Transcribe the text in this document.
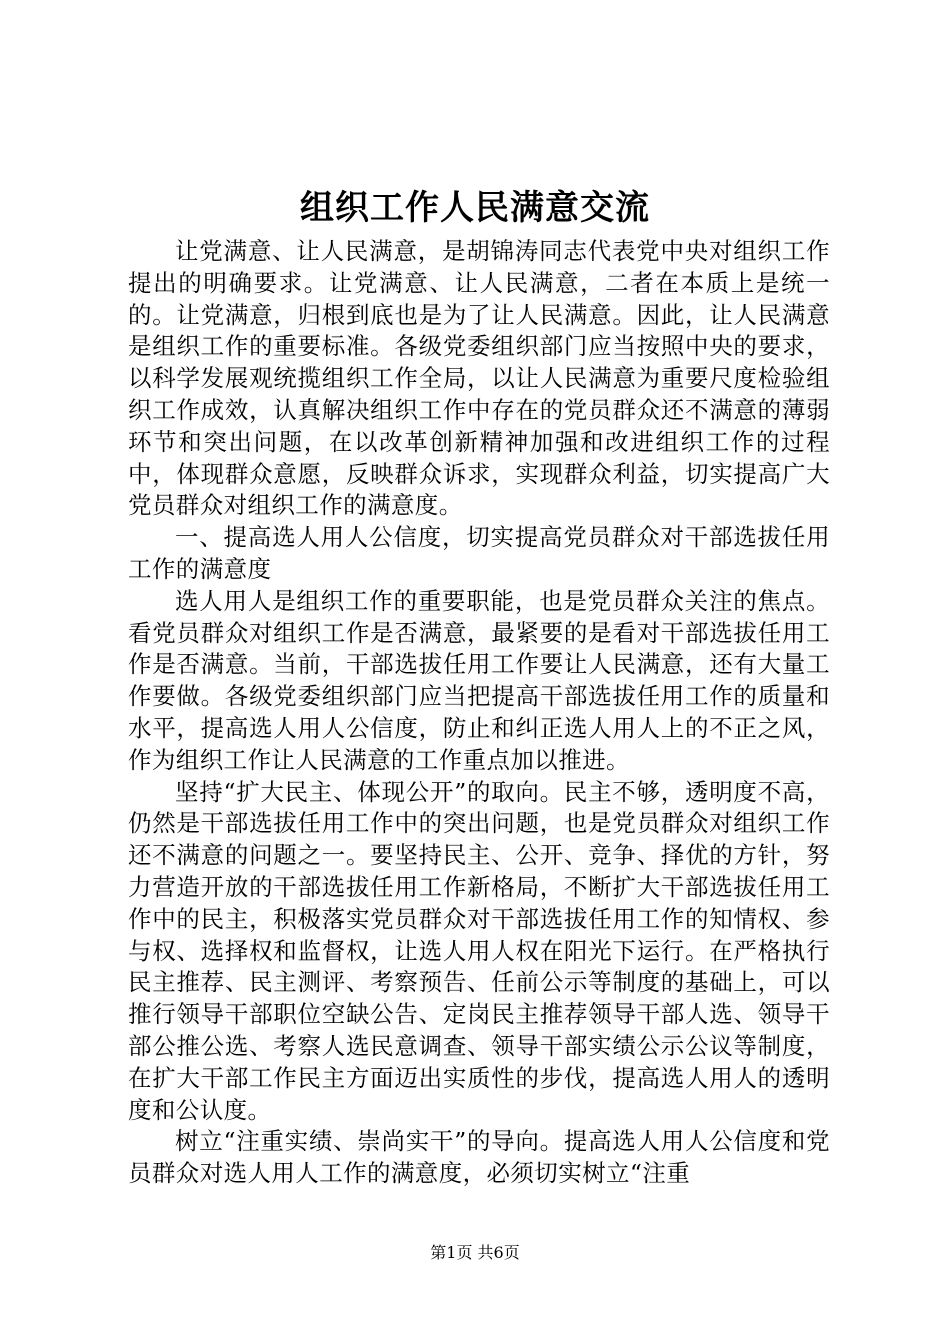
组织工作人民满意交流

让党满意、让人民满意，是胡锦涛同志代表党中央对组织工作提出的明确要求。让党满意、让人民满意，二者在本质上是统一的。让党满意，归根到底也是为了让人民满意。因此，让人民满意是组织工作的重要标准。各级党委组织部门应当按照中央的要求，以科学发展观统揽组织工作全局，以让人民满意为重要尺度检验组织工作成效，认真解决组织工作中存在的党员群众还不满意的薄弱环节和突出问题，在以改革创新精神加强和改进组织工作的过程中，体现群众意愿，反映群众诉求，实现群众利益，切实提高广大党员群众对组织工作的满意度。

一、提高选人用人公信度，切实提高党员群众对干部选拔任用工作的满意度

选人用人是组织工作的重要职能，也是党员群众关注的焦点。看党员群众对组织工作是否满意，最紧要的是看对干部选拔任用工作是否满意。当前，干部选拔任用工作要让人民满意，还有大量工作要做。各级党委组织部门应当把提高干部选拔任用工作的质量和水平，提高选人用人公信度，防止和纠正选人用人上的不正之风，作为组织工作让人民满意的工作重点加以推进。

坚持“扩大民主、体现公开”的取向。民主不够，透明度不高，仍然是干部选拔任用工作中的突出问题，也是党员群众对组织工作还不满意的问题之一。要坚持民主、公开、竞争、择优的方针，努力营造开放的干部选拔任用工作新格局，不断扩大干部选拔任用工作中的民主，积极落实党员群众对干部选拔任用工作的知情权、参与权、选择权和监督权，让选人用人权在阳光下运行。在严格执行民主推荐、民主测评、考察预告、任前公示等制度的基础上，可以推行领导干部职位空缺公告、定岗民主推荐领导干部人选、领导干部公推公选、考察人选民意调查、领导干部实绩公示公议等制度，在扩大干部工作民主方面迈出实质性的步伐，提高选人用人的透明度和公认度。

树立“注重实绩、崇尚实干”的导向。提高选人用人公信度和党员群众对选人用人工作的满意度，必须切实树立“注重

第1页 共6页
